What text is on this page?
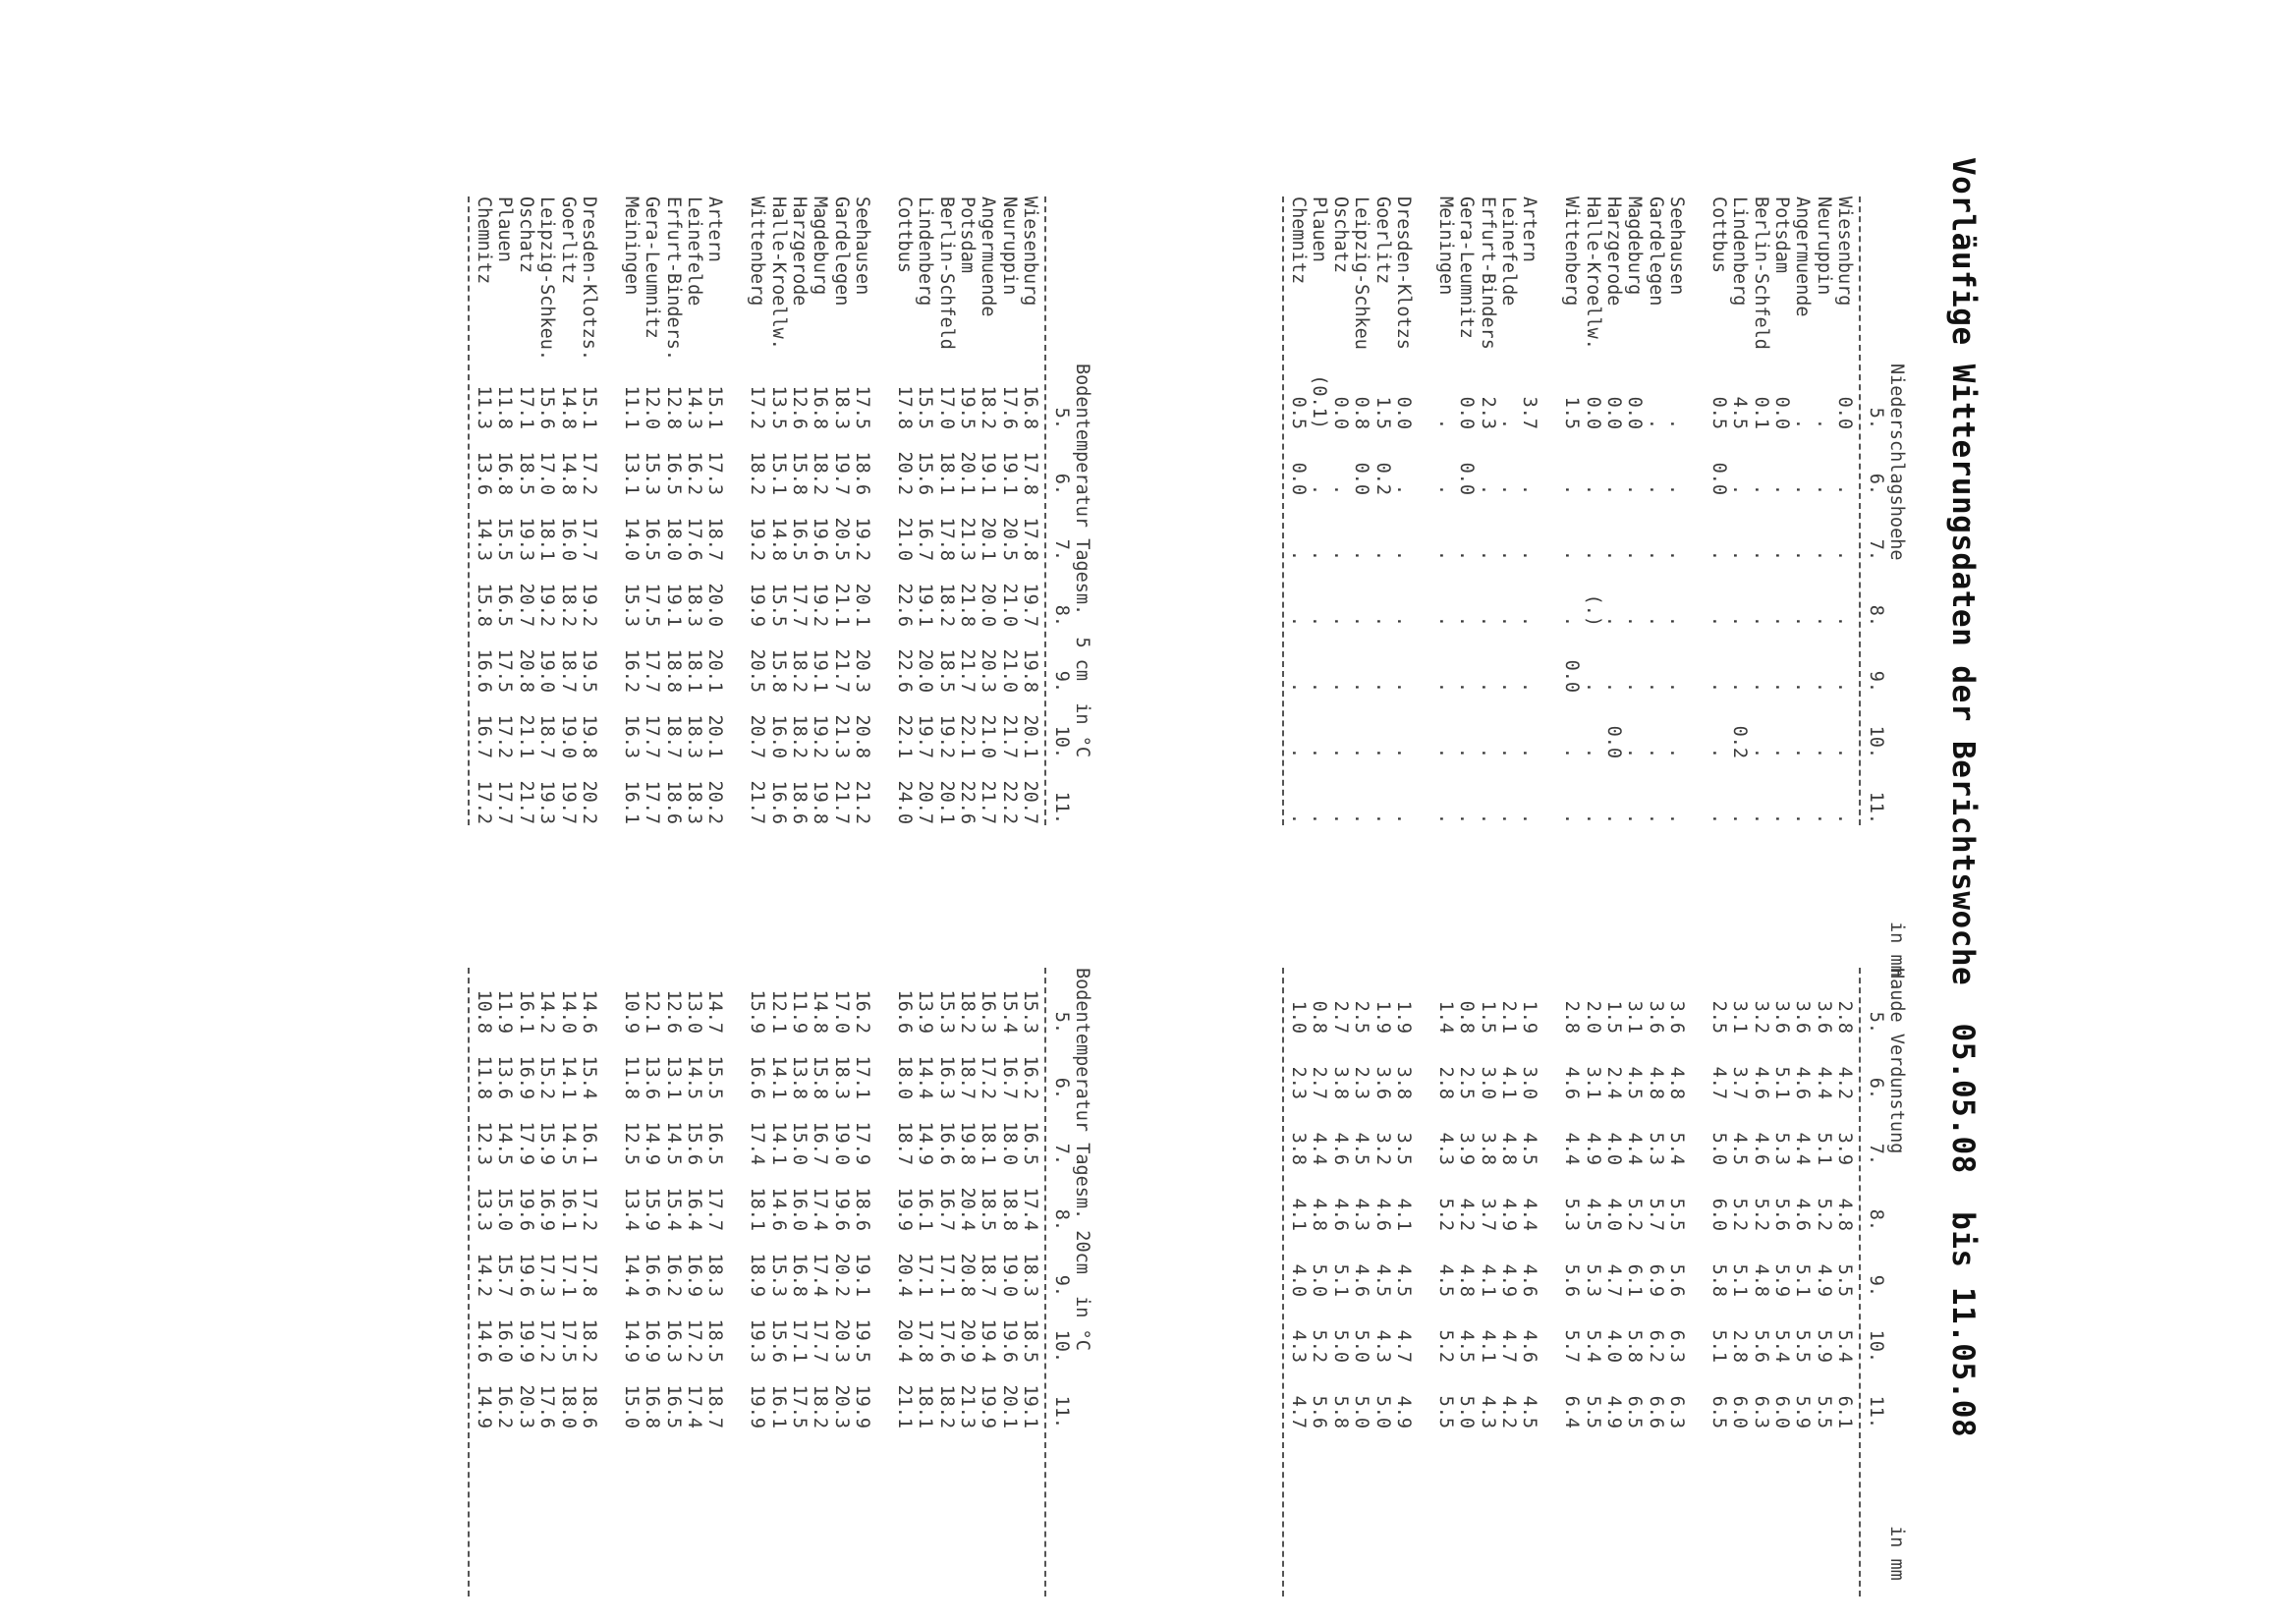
Vorläufige Witterungsdaten der Berichtswoche  05.05.08  bis 11.05.08
Niederschlagshoehe                                 in mm
5.6.7.8.9.10.11.
Wiesenburg0.0......
Neuruppin.......
Angermuende.......
Potsdam0.0......
Berlin-Schfeld0.1......
Lindenberg4.5....0.2.
Cottbus0.50.0.....
Seehausen.......
Gardelegen.......
Magdeburg0.0......
Harzgerode0.0....0.0.
Halle-Kroellw.0.0..(.)...
Wittenberg1.5...0.0..
Artern3.7......
Leinefelde.......
Erfurt-Binders2.3......
Gera-Leumnitz0.00.0.....
Meiningen.......
Dresden-Klotzs0.0......
Goerlitz1.50.2.....
Leipzig-Schkeu0.80.0.....
Oschatz0.0......
Plauen(0.1)......
Chemnitz0.50.0.....
Haude Verdunstung                                  in mm
5.6.7.8.9.10.11.
2.84.23.94.85.55.46.1
3.64.45.15.24.95.95.5
3.64.64.44.65.15.55.9
3.65.15.35.65.95.46.0
3.24.64.65.24.85.66.3
3.13.74.55.25.12.86.0
2.54.75.06.05.85.16.5
3.64.85.45.55.66.36.3
3.64.85.35.76.96.26.6
3.14.54.45.26.15.86.5
1.52.44.04.04.74.04.9
2.03.14.94.55.35.45.5
2.84.64.45.35.65.76.4
1.93.04.54.44.64.64.5
2.14.14.84.94.94.74.2
1.53.03.83.74.14.14.3
0.82.53.94.24.84.55.0
1.42.84.35.24.55.25.5
1.93.83.54.14.54.74.9
1.93.63.24.64.54.35.0
2.52.34.54.34.65.05.0
2.73.84.64.65.15.05.8
0.82.74.44.85.05.25.6
1.02.33.84.14.04.34.7
Bodentemperatur Tagesm.  5 cm  in °C
5.6.7.8.9.10.11.
Wiesenburg16.817.817.819.719.820.120.7
Neuruppin17.619.120.521.021.021.722.2
Angermuende18.219.120.120.020.321.021.7
Potsdam19.520.121.321.821.722.122.6
Berlin-Schfeld17.018.117.818.218.519.220.1
Lindenberg15.515.616.719.120.019.720.7
Cottbus17.820.221.022.622.622.124.0
Seehausen17.518.619.220.120.320.821.2
Gardelegen18.319.720.521.121.721.321.7
Magdeburg16.818.219.619.219.119.219.8
Harzgerode12.615.816.517.718.218.218.6
Halle-Kroellw.13.515.114.815.515.816.016.6
Wittenberg17.218.219.219.920.520.721.7
Artern15.117.318.720.020.120.120.2
Leinefelde14.316.217.618.318.118.318.3
Erfurt-Binders.12.816.518.019.118.818.718.6
Gera-Leumnitz12.015.316.517.517.717.717.7
Meiningen11.113.114.015.316.216.316.1
Dresden-Klotzs.15.117.217.719.219.519.820.2
Goerlitz14.814.816.018.218.719.019.7
Leipzig-Schkeu.15.617.018.119.219.018.719.3
Oschatz17.118.519.320.720.821.121.7
Plauen11.816.815.516.517.517.217.7
Chemnitz11.313.614.315.816.616.717.2
Bodentemperatur Tagesm. 20cm  in °C
5.6.7.8.9.10.11.
15.316.216.517.418.318.519.1
15.416.718.018.819.019.620.1
16.317.218.118.518.719.419.9
18.218.719.820.420.820.921.3
15.316.316.616.717.117.618.2
13.914.414.916.117.117.818.1
16.618.018.719.920.420.421.1
16.217.117.918.619.119.519.9
17.018.319.019.620.220.320.3
14.815.816.717.417.417.718.2
11.913.815.016.016.817.117.5
12.114.114.114.615.315.616.1
15.916.617.418.118.919.319.9
14.715.516.517.718.318.518.7
13.014.515.616.416.917.217.4
12.613.114.515.416.216.316.5
12.113.614.915.916.616.916.8
10.911.812.513.414.414.915.0
14.615.416.117.217.818.218.6
14.014.114.516.117.117.518.0
14.215.215.916.917.317.217.6
16.116.917.919.619.619.920.3
11.913.614.515.015.716.016.2
10.811.812.313.314.214.614.9
